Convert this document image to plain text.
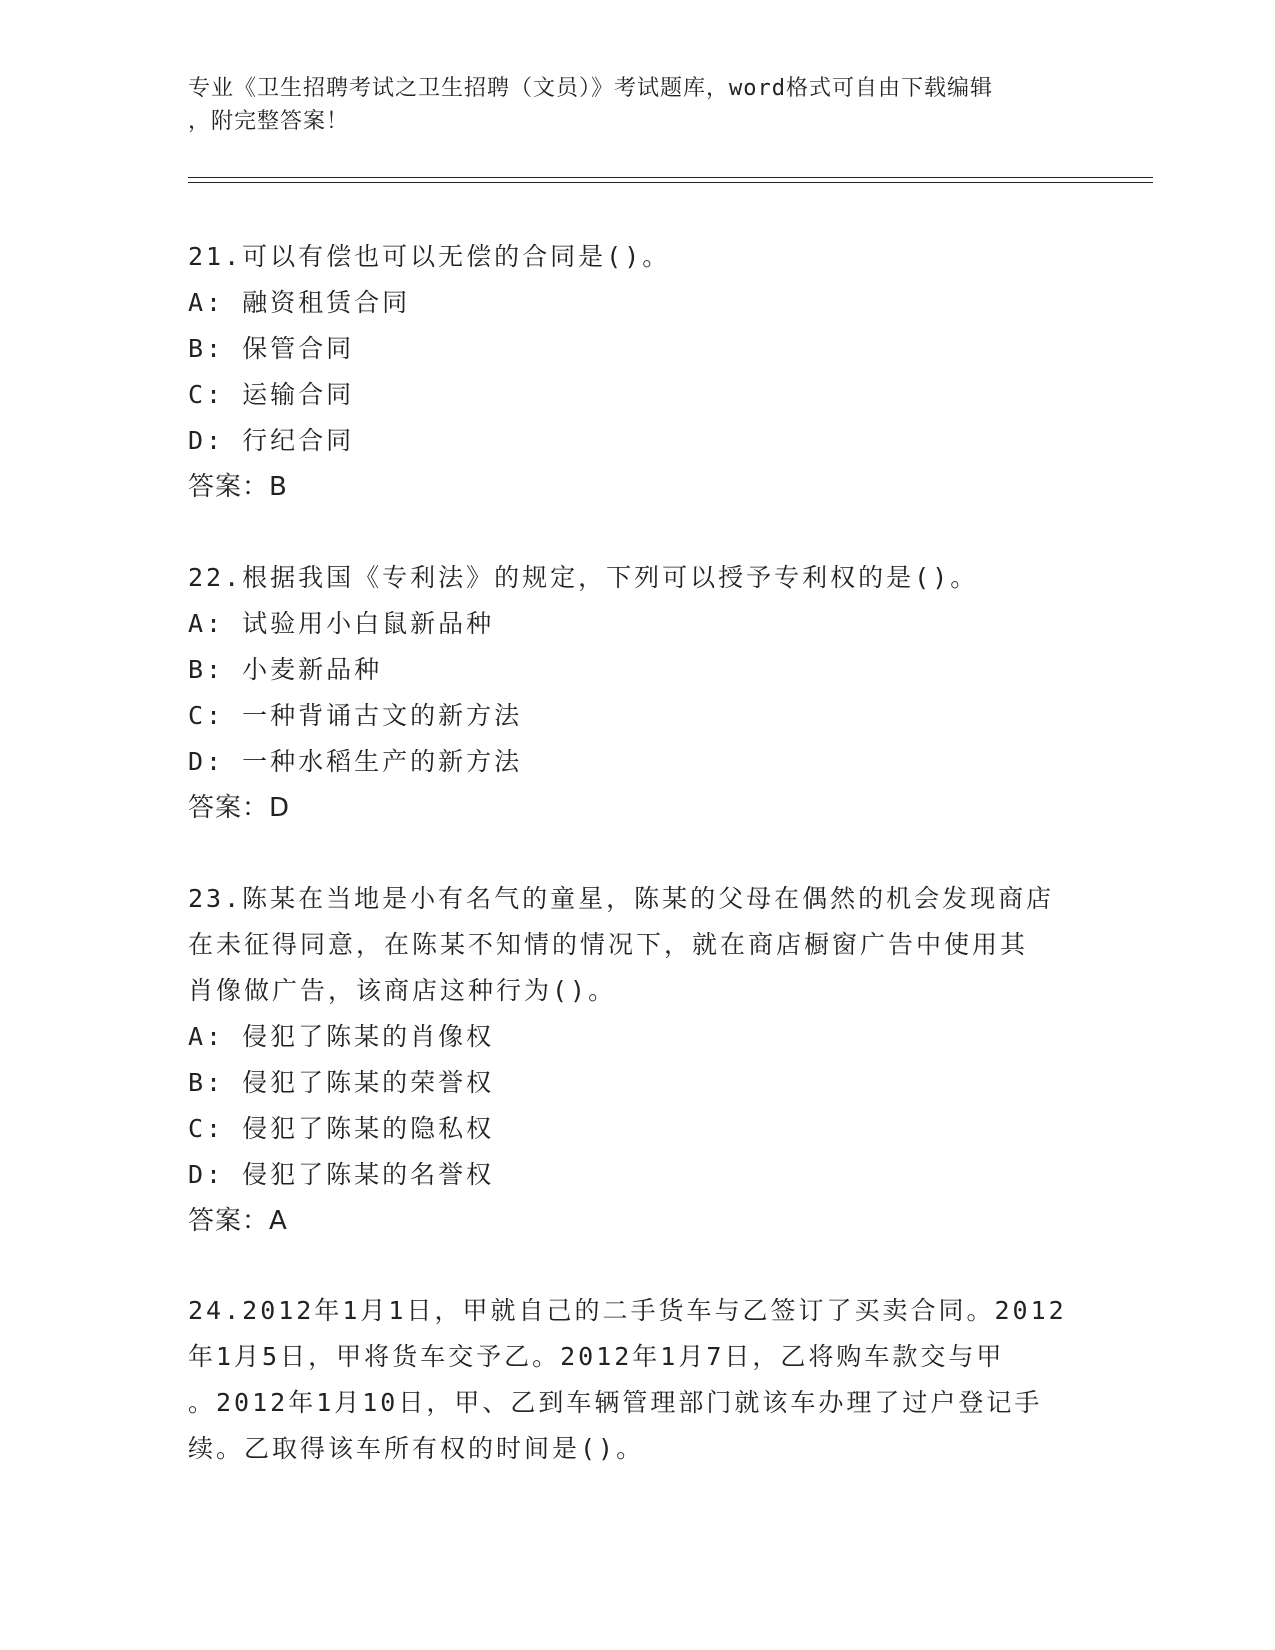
专业《卫生招聘考试之卫生招聘（文员）》考试题库，word格式可自由下载编辑
，附完整答案！

21.可以有偿也可以无偿的合同是()。

A: 融资租赁合同

B: 保管合同

C: 运输合同

D: 行纪合同

答案：B

22.根据我国《专利法》的规定，下列可以授予专利权的是()。

A: 试验用小白鼠新品种

B: 小麦新品种

C: 一种背诵古文的新方法

D: 一种水稻生产的新方法

答案：D

23.陈某在当地是小有名气的童星，陈某的父母在偶然的机会发现商店

在未征得同意，在陈某不知情的情况下，就在商店橱窗广告中使用其

肖像做广告，该商店这种行为()。

A: 侵犯了陈某的肖像权

B: 侵犯了陈某的荣誉权

C: 侵犯了陈某的隐私权

D: 侵犯了陈某的名誉权

答案：A

24.2012年1月1日，甲就自己的二手货车与乙签订了买卖合同。2012

年1月5日，甲将货车交予乙。2012年1月7日，乙将购车款交与甲

。2012年1月10日，甲、乙到车辆管理部门就该车办理了过户登记手

续。乙取得该车所有权的时间是()。
